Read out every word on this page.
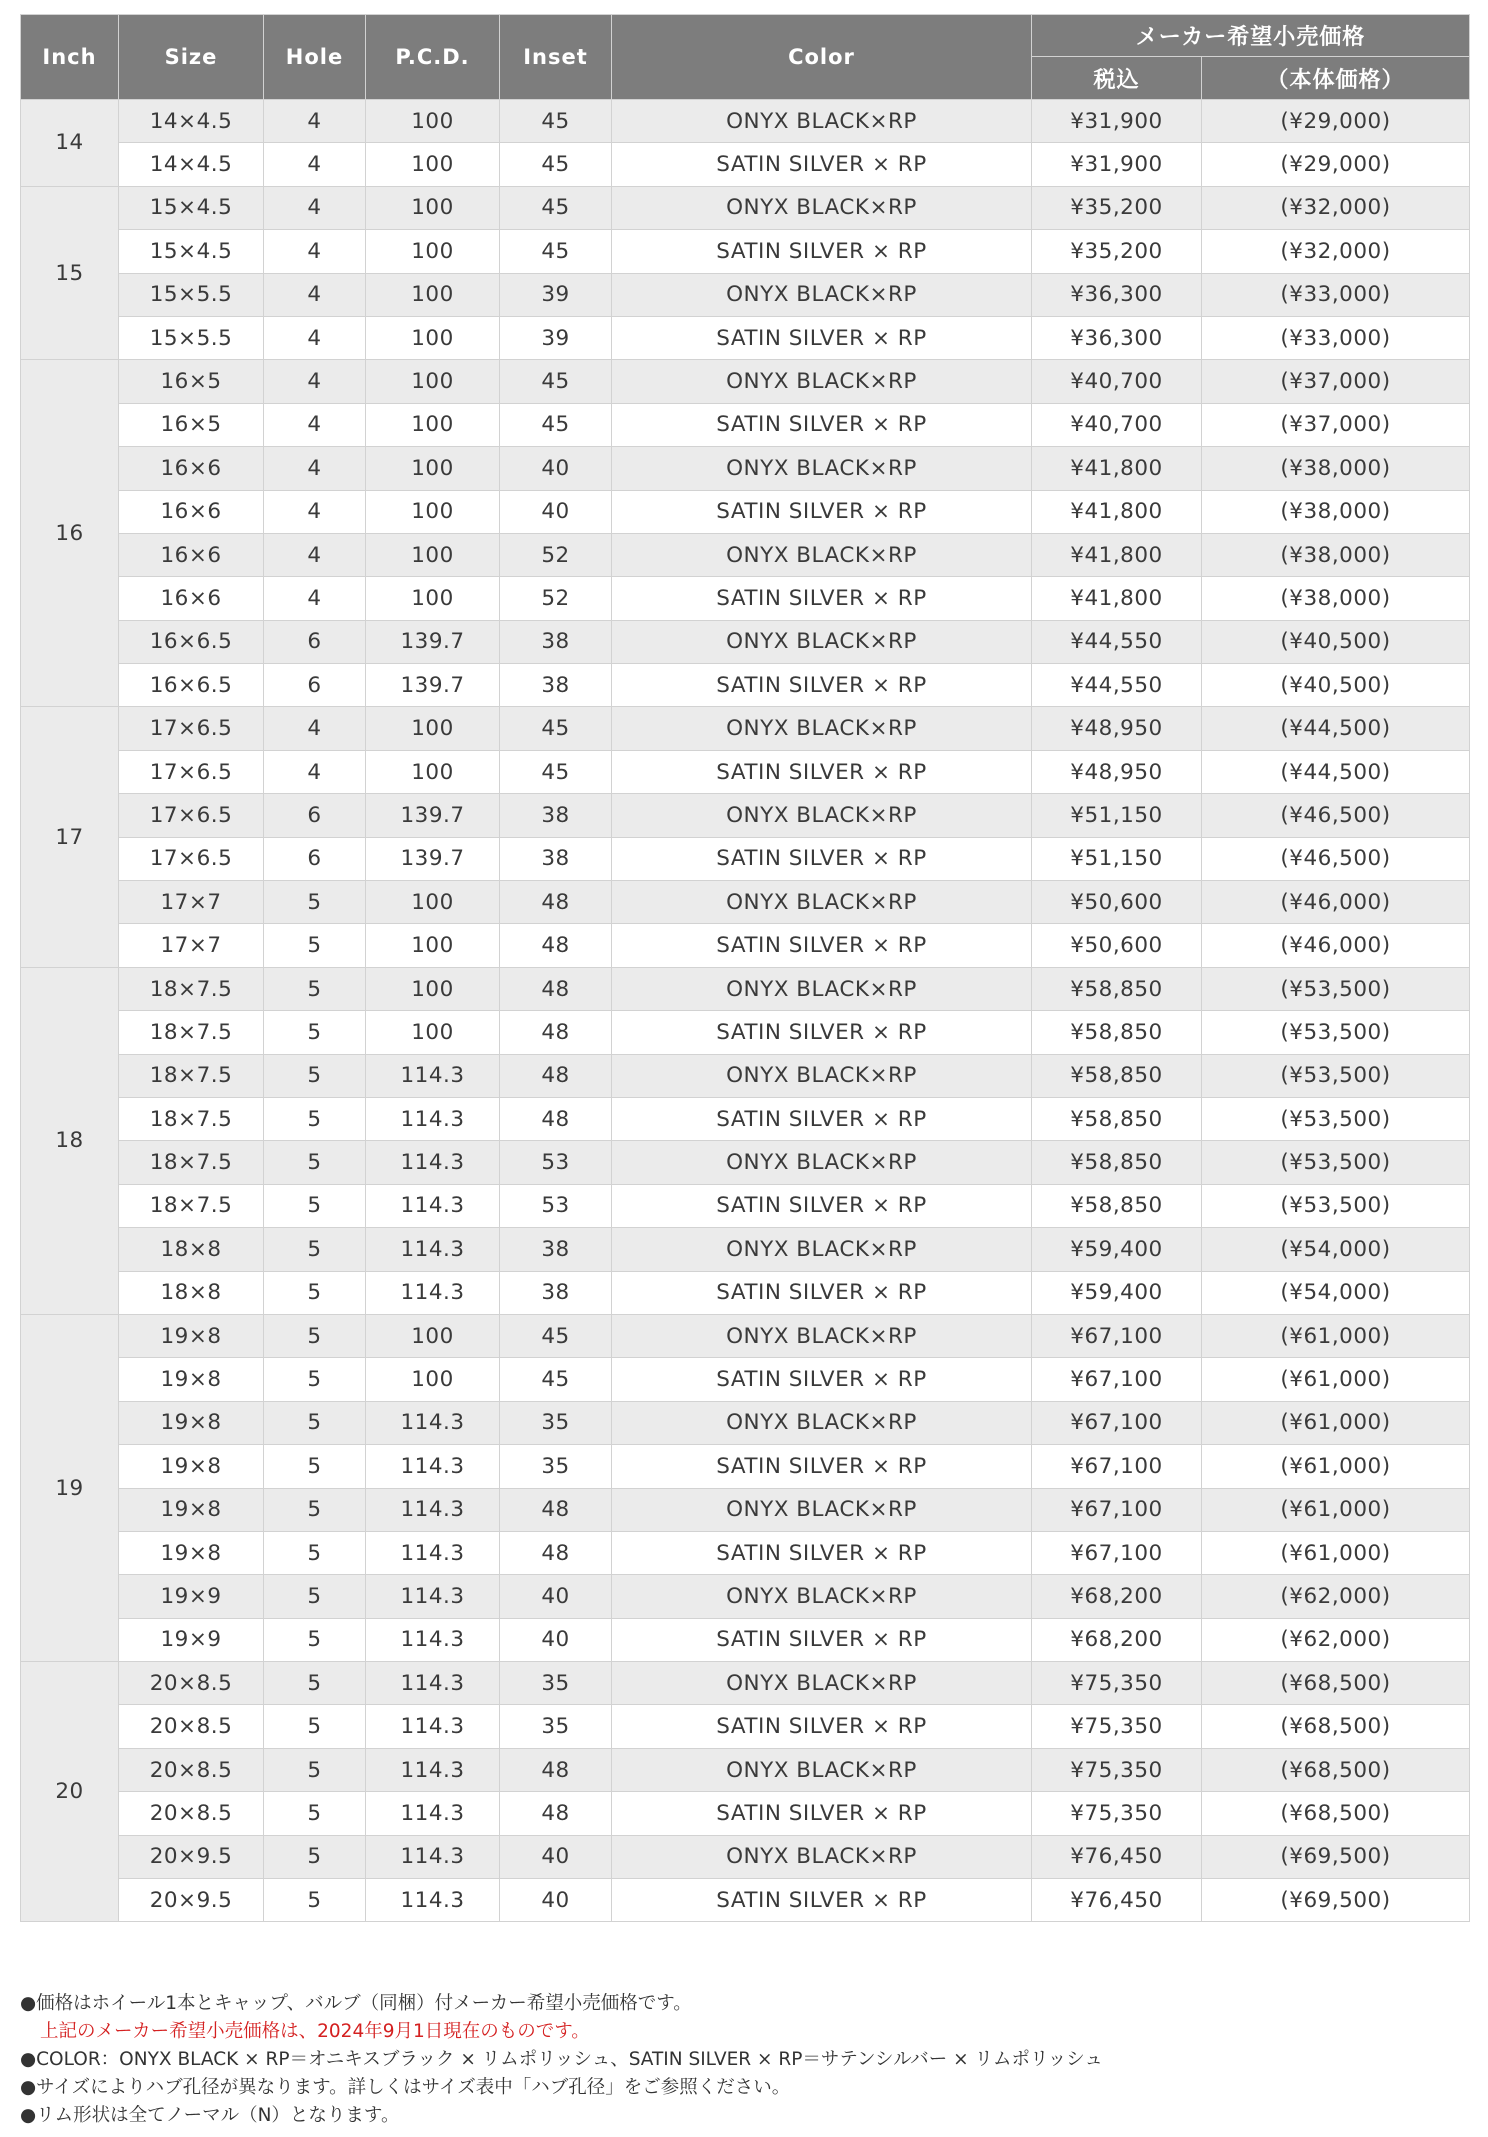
Inch	Size	Hole	P.C.D.	Inset	Color	メーカー希望小売価格	
						税込	（本体価格）
14	14×4.5	4	100	45	ONYX BLACK×RP	¥31,900	(¥29,000)
	14×4.5	4	100	45	SATIN SILVER × RP	¥31,900	(¥29,000)
15	15×4.5	4	100	45	ONYX BLACK×RP	¥35,200	(¥32,000)
	15×4.5	4	100	45	SATIN SILVER × RP	¥35,200	(¥32,000)
	15×5.5	4	100	39	ONYX BLACK×RP	¥36,300	(¥33,000)
	15×5.5	4	100	39	SATIN SILVER × RP	¥36,300	(¥33,000)
16	16×5	4	100	45	ONYX BLACK×RP	¥40,700	(¥37,000)
	16×5	4	100	45	SATIN SILVER × RP	¥40,700	(¥37,000)
	16×6	4	100	40	ONYX BLACK×RP	¥41,800	(¥38,000)
	16×6	4	100	40	SATIN SILVER × RP	¥41,800	(¥38,000)
	16×6	4	100	52	ONYX BLACK×RP	¥41,800	(¥38,000)
	16×6	4	100	52	SATIN SILVER × RP	¥41,800	(¥38,000)
	16×6.5	6	139.7	38	ONYX BLACK×RP	¥44,550	(¥40,500)
	16×6.5	6	139.7	38	SATIN SILVER × RP	¥44,550	(¥40,500)
17	17×6.5	4	100	45	ONYX BLACK×RP	¥48,950	(¥44,500)
	17×6.5	4	100	45	SATIN SILVER × RP	¥48,950	(¥44,500)
	17×6.5	6	139.7	38	ONYX BLACK×RP	¥51,150	(¥46,500)
	17×6.5	6	139.7	38	SATIN SILVER × RP	¥51,150	(¥46,500)
	17×7	5	100	48	ONYX BLACK×RP	¥50,600	(¥46,000)
	17×7	5	100	48	SATIN SILVER × RP	¥50,600	(¥46,000)
18	18×7.5	5	100	48	ONYX BLACK×RP	¥58,850	(¥53,500)
	18×7.5	5	100	48	SATIN SILVER × RP	¥58,850	(¥53,500)
	18×7.5	5	114.3	48	ONYX BLACK×RP	¥58,850	(¥53,500)
	18×7.5	5	114.3	48	SATIN SILVER × RP	¥58,850	(¥53,500)
	18×7.5	5	114.3	53	ONYX BLACK×RP	¥58,850	(¥53,500)
	18×7.5	5	114.3	53	SATIN SILVER × RP	¥58,850	(¥53,500)
	18×8	5	114.3	38	ONYX BLACK×RP	¥59,400	(¥54,000)
	18×8	5	114.3	38	SATIN SILVER × RP	¥59,400	(¥54,000)
19	19×8	5	100	45	ONYX BLACK×RP	¥67,100	(¥61,000)
	19×8	5	100	45	SATIN SILVER × RP	¥67,100	(¥61,000)
	19×8	5	114.3	35	ONYX BLACK×RP	¥67,100	(¥61,000)
	19×8	5	114.3	35	SATIN SILVER × RP	¥67,100	(¥61,000)
	19×8	5	114.3	48	ONYX BLACK×RP	¥67,100	(¥61,000)
	19×8	5	114.3	48	SATIN SILVER × RP	¥67,100	(¥61,000)
	19×9	5	114.3	40	ONYX BLACK×RP	¥68,200	(¥62,000)
	19×9	5	114.3	40	SATIN SILVER × RP	¥68,200	(¥62,000)
20	20×8.5	5	114.3	35	ONYX BLACK×RP	¥75,350	(¥68,500)
	20×8.5	5	114.3	35	SATIN SILVER × RP	¥75,350	(¥68,500)
	20×8.5	5	114.3	48	ONYX BLACK×RP	¥75,350	(¥68,500)
	20×8.5	5	114.3	48	SATIN SILVER × RP	¥75,350	(¥68,500)
	20×9.5	5	114.3	40	ONYX BLACK×RP	¥76,450	(¥69,500)
	20×9.5	5	114.3	40	SATIN SILVER × RP	¥76,450	(¥69,500)
●価格はホイール1本とキャップ、バルブ（同梱）付メーカー希望小売価格です。
上記のメーカー希望小売価格は、2024年9月1日現在のものです。
●COLOR：ONYX BLACK × RP＝オニキスブラック × リムポリッシュ、SATIN SILVER × RP＝サテンシルバー × リムポリッシュ
●サイズによりハブ孔径が異なります。詳しくはサイズ表中「ハブ孔径」をご参照ください。
●リム形状は全てノーマル（N）となります。
